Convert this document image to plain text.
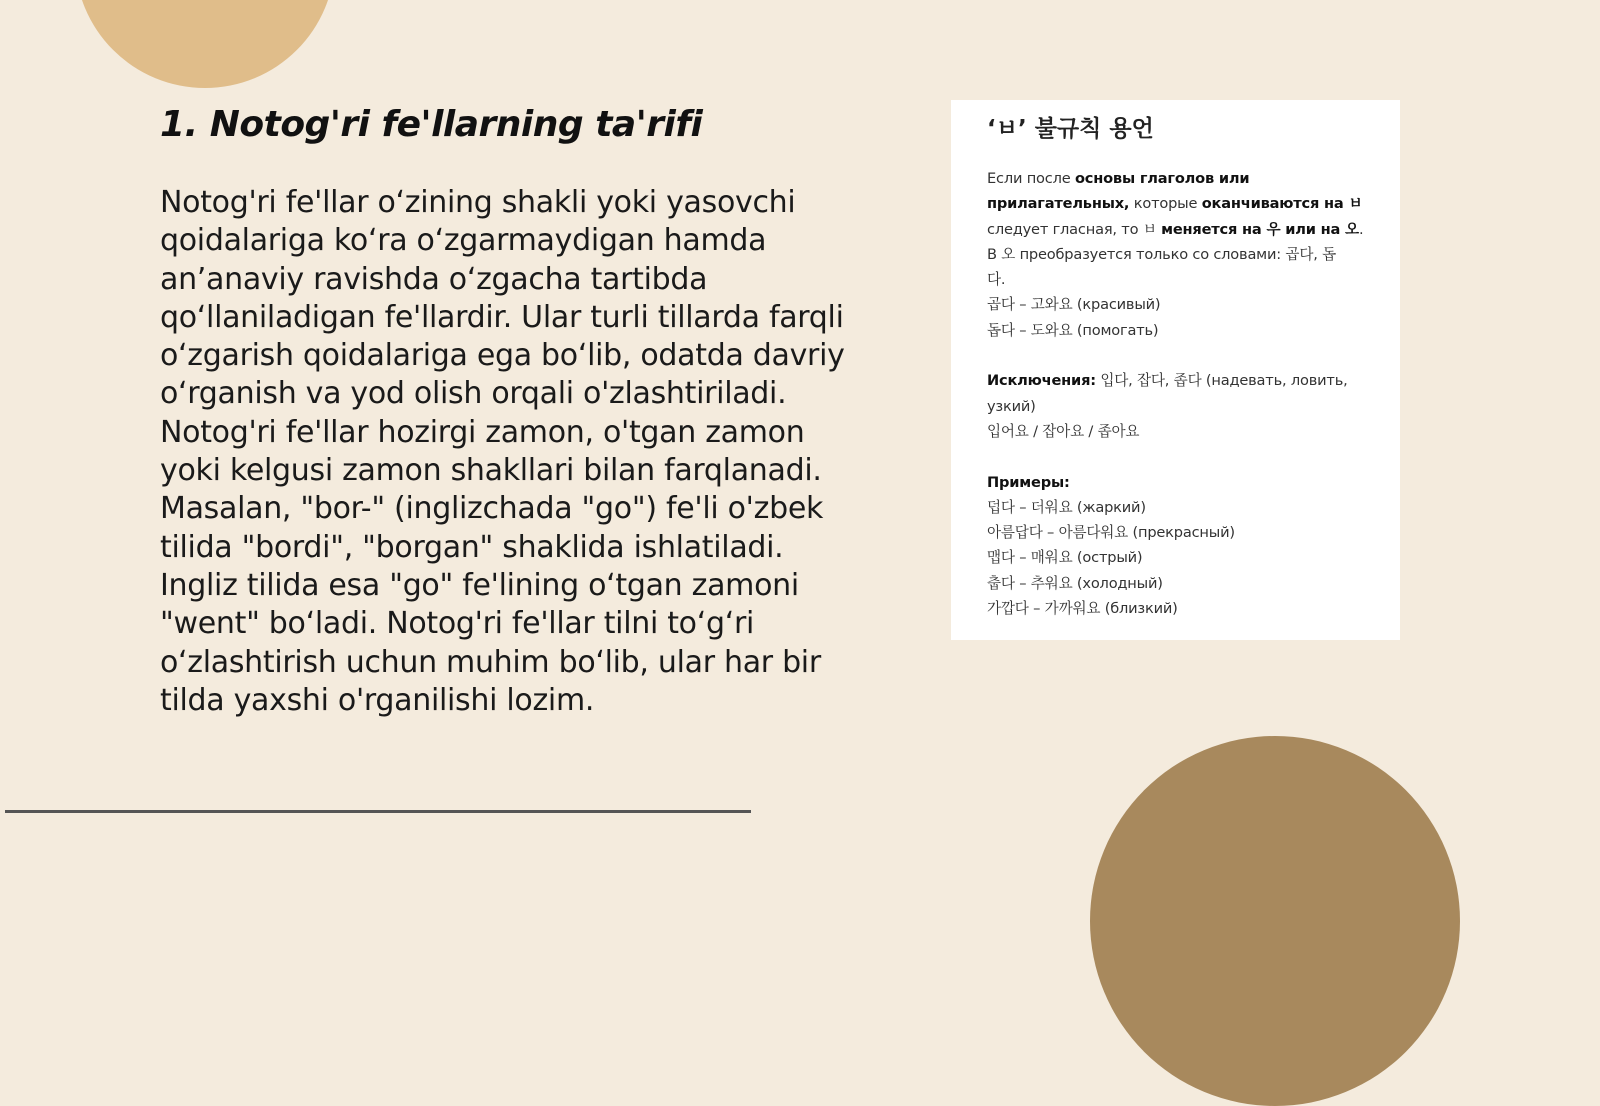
1. Notog'ri fe'llarning ta'rifi

Notog'ri fe'llar o‘zining shakli yoki yasovchi qoidalariga ko‘ra o‘zgarmaydigan hamda an’anaviy ravishda o‘zgacha tartibda qo‘llaniladigan fe'llardir. Ular turli tillarda farqli o‘zgarish qoidalariga ega bo‘lib, odatda davriy o‘rganish va yod olish orqali o'zlashtiriladi. Notog'ri fe'llar hozirgi zamon, o'tgan zamon yoki kelgusi zamon shakllari bilan farqlanadi. Masalan, "bor-" (inglizchada "go") fe'li o'zbek tilida "bordi", "borgan" shaklida ishlatiladi. Ingliz tilida esa "go" fe'lining o‘tgan zamoni "went" bo‘ladi. Notog'ri fe'llar tilni to‘g‘ri o‘zlashtirish uchun muhim bo‘lib, ular har bir tilda yaxshi o'rganilishi lozim.

‘ㅂ’ 불규칙 용언
Если после основы глаголов или
прилагательных, которые оканчиваются на ㅂ
следует гласная, то ㅂ меняется на 우 или на 오.
В 오 преобразуется только со словами: 곱다, 돕
다.
곱다 – 고와요 (красивый)
돕다 – 도와요 (помогать)
Исключения: 입다, 잡다, 좁다 (надевать, ловить,
узкий)
입어요 / 잡아요 / 좁아요
Примеры:
덥다 – 더워요 (жаркий)
아름답다 – 아름다워요 (прекрасный)
맵다 – 매워요 (острый)
춥다 – 추워요 (холодный)
가깝다 – 가까워요 (близкий)
